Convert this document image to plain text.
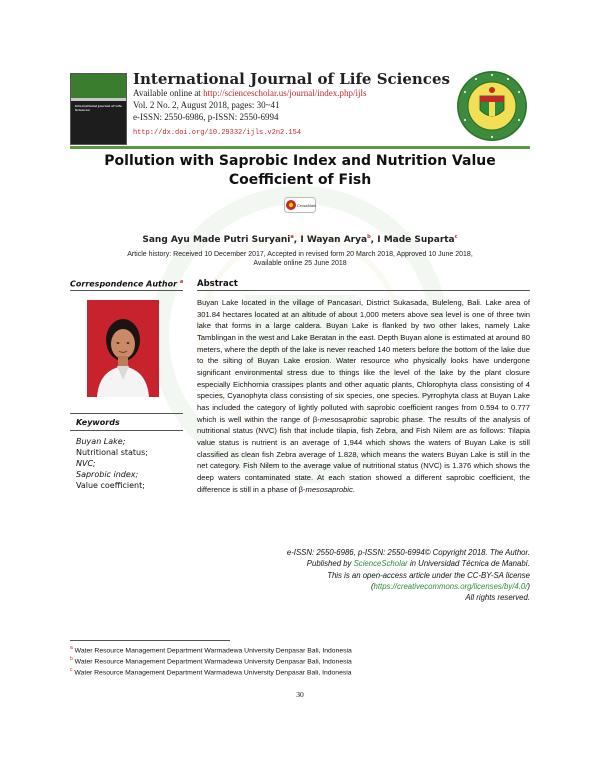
International Journal of Life Sciences
International Journal of Life Sciences
Available online at http://sciencescholar.us/journal/index.php/ijls
Vol. 2 No. 2, August 2018, pages: 30~41
e-ISSN: 2550-6986, p-ISSN: 2550-6994
http://dx.doi.org/10.29332/ijls.v2n2.154
Pollution with Saprobic Index and Nutrition Value Coefficient of Fish
CrossMark
Sang Ayu Made Putri Suryani$^a$, I Wayan Arya$^b$, I Made Suparta$^c$
Article history: Received 10 December 2017, Accepted in revised form 20 March 2018, Approved 10 June 2018,
Available online 25 June 2018
Correspondence Author $^a$ Abstract
Keywords
Buyan Lake;
Nutritional status;
NVC;
Saprobic index;
Value coefficient;
Buyan Lake located in the village of Pancasari, District Sukasada, Buleleng, Bali. Lake area of 301.84 hectares located at an altitude of about 1,000 meters above sea level is one of three twin lake that forms in a large caldera. Buyan Lake is flanked by two other lakes, namely Lake Tamblingan in the west and Lake Beratan in the east. Depth Buyan alone is estimated at around 80 meters, where the depth of the lake is never reached 140 meters before the bottom of the lake due to the silting of Buyan Lake erosion. Water resource who physically looks have undergone significant environmental stress due to things like the level of the lake by the plant closure especially Eichhornia crassipes plants and other aquatic plants, Chlorophyta class consisting of 4 species, Cyanophyta class consisting of six species, one species. Pyrrophyta class at Buyan Lake has included the category of lightly polluted with saprobic coefficient ranges from 0.594 to 0.777 which is well within the range of β-mesosaprobic saprobic phase. The results of the analysis of nutritional status (NVC) fish that include tilapia, fish Zebra, and Fish Nilem are as follows: Tilapia value status is nutrient is an average of 1,944 which shows the waters of Buyan Lake is still classified as clean fish Zebra average of 1.828, which means the waters Buyan Lake is still in the net category. Fish Nilem to the average value of nutritional status (NVC) is 1.376 which shows the deep waters contaminated state. At each station showed a different saprobic coefficient, the difference is still in a phase of β-mesosaprobic.
e-ISSN: 2550-6986, p-ISSN: 2550-6994© Copyright 2018. The Author.
Published by ScienceScholar in Universidad Técnica de Manabí.
This is an open-access article under the CC-BY-SA license
(https://creativecommons.org/licenses/by/4.0/)
All rights reserved.
$^a$ Water Resource Management Department Warmadewa University Denpasar Bali, Indonesia
$^b$ Water Resource Management Department Warmadewa University Denpasar Bali, Indonesia
$^c$ Water Resource Management Department Warmadewa University Denpasar Bali, Indonesia
30
